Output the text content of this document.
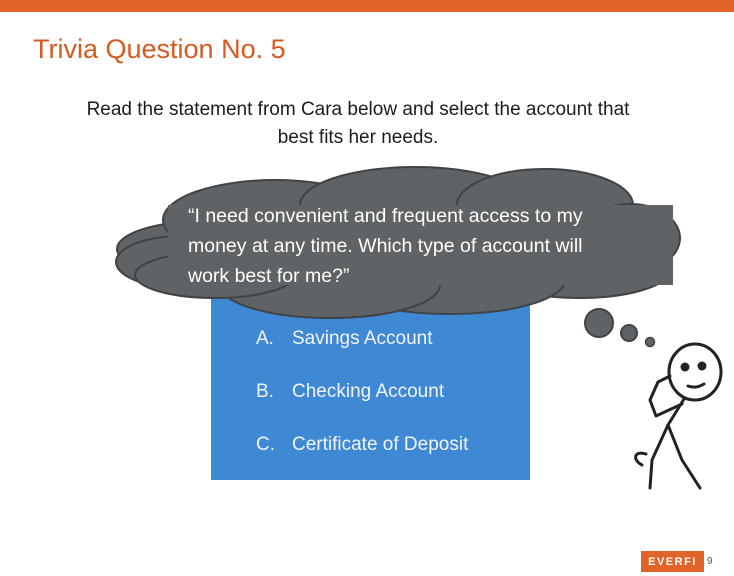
Trivia Question No. 5
Read the statement from Cara below and select the account that
best fits her needs.
A. Savings Account
B. Checking Account
C. Certificate of Deposit
“I need convenient and frequent access to my
money at any time. Which type of account will
work best for me?”
EVERFI	9
